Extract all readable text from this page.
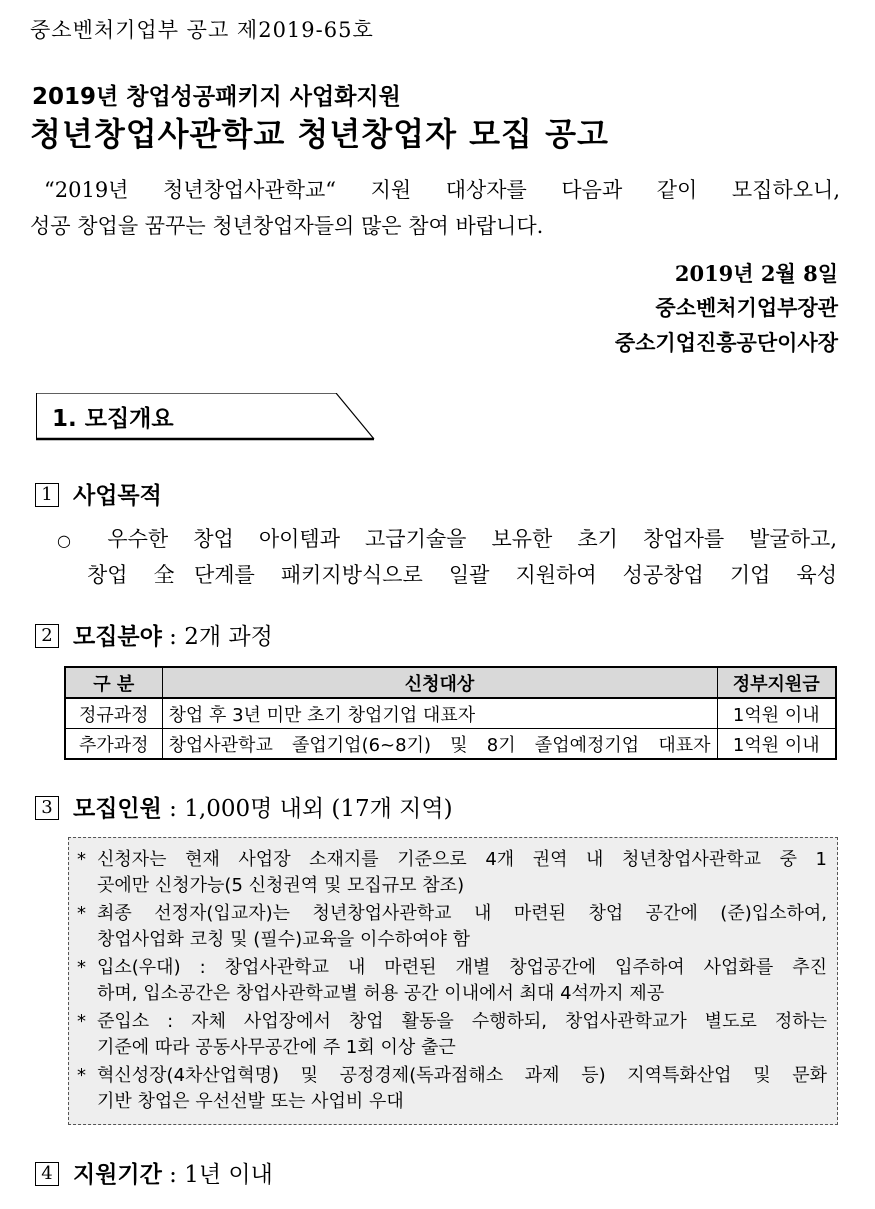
중소벤처기업부 공고 제2019-65호
2019년 창업성공패키지 사업화지원
청년창업사관학교 청년창업자 모집 공고
“2019년 청년창업사관학교“ 지원 대상자를 다음과 같이 모집하오니,
성공 창업을 꿈꾸는 청년창업자들의 많은 참여 바랍니다.
2019년 2월 8일
중소벤처기업부장관
중소기업진흥공단이사장
1. 모집개요
1 사업목적
○ 우수한 창업 아이템과 고급기술을 보유한 초기 창업자를 발굴하고,
창업 全단계를 패키지방식으로 일괄 지원하여 성공창업 기업 육성
2 모집분야 : 2개 과정
구 분	신청대상	정부지원금
정규과정	창업 후 3년 미만 초기 창업기업 대표자	1억원 이내
추가과정	창업사관학교 졸업기업(6~8기) 및 8기 졸업예정기업 대표자	1억원 이내
3 모집인원 : 1,000명 내외 (17개 지역)
* 신청자는 현재 사업장 소재지를 기준으로 4개 권역 내 청년창업사관학교 중 1
곳에만 신청가능(5 신청권역 및 모집규모 참조)
* 최종 선정자(입교자)는 청년창업사관학교 내 마련된 창업 공간에 (준)입소하여,
창업사업화 코칭 및 (필수)교육을 이수하여야 함
* 입소(우대) : 창업사관학교 내 마련된 개별 창업공간에 입주하여 사업화를 추진
하며, 입소공간은 창업사관학교별 허용 공간 이내에서 최대 4석까지 제공
* 준입소 : 자체 사업장에서 창업 활동을 수행하되, 창업사관학교가 별도로 정하는
기준에 따라 공동사무공간에 주 1회 이상 출근
* 혁신성장(4차산업혁명) 및 공정경제(독과점해소 과제 등) 지역특화산업 및 문화
기반 창업은 우선선발 또는 사업비 우대
4 지원기간 : 1년 이내
